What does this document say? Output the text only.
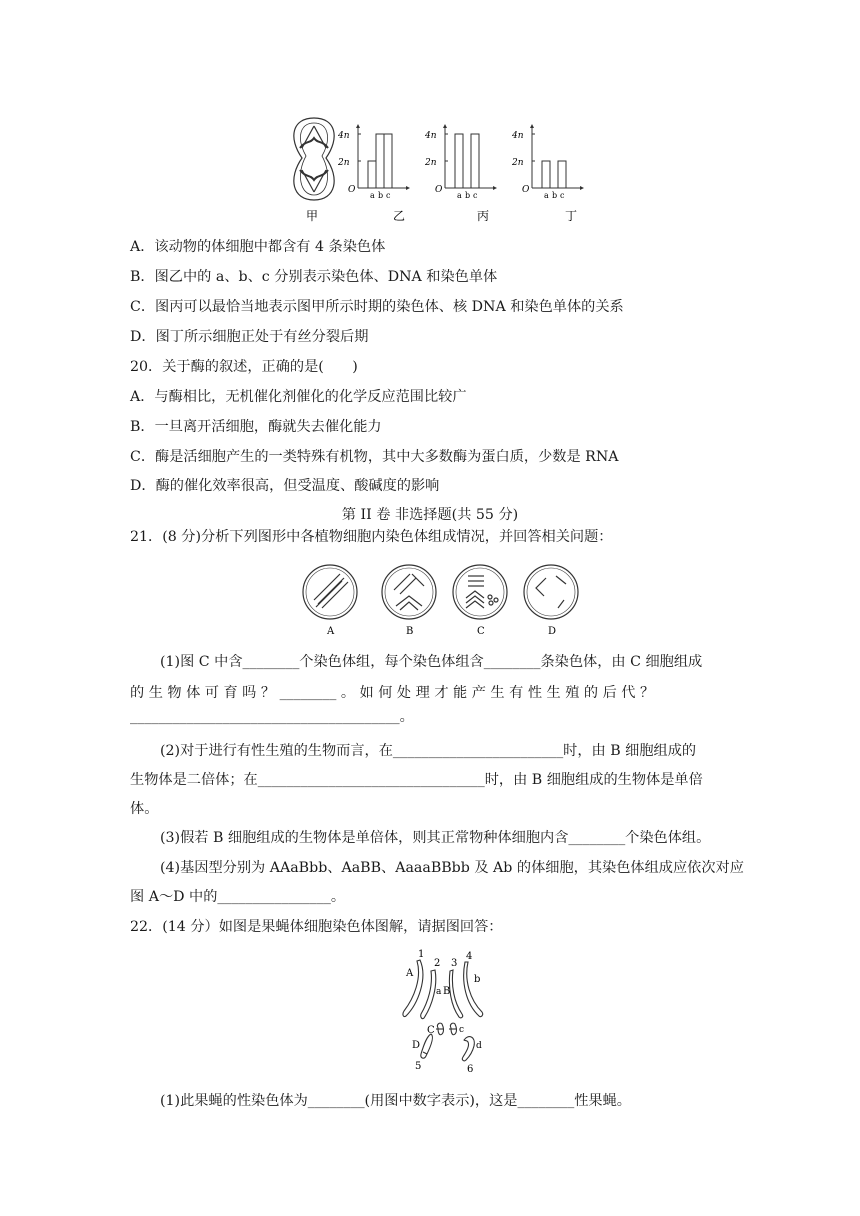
4n
2n
O
a b c
4n
2n
O
a b c
4n
2n
O
a b c
甲	乙	丙	丁
A．该动物的体细胞中都含有 4 条染色体
B．图乙中的 a、b、c 分别表示染色体、DNA 和染色单体
C．图丙可以最恰当地表示图甲所示时期的染色体、核 DNA 和染色单体的关系
D．图丁所示细胞正处于有丝分裂后期
20．关于酶的叙述，正确的是(　　)
A．与酶相比，无机催化剂催化的化学反应范围比较广
B．一旦离开活细胞，酶就失去催化能力
C．酶是活细胞产生的一类特殊有机物，其中大多数酶为蛋白质，少数是 RNA
D．酶的催化效率很高，但受温度、酸碱度的影响
第 II 卷 非选择题(共 55 分)
21．(8 分)分析下列图形中各植物细胞内染色体组成情况，并回答相关问题：
A	B	C	D
(1)图 C 中含________个染色体组，每个染色体组含________条染色体，由 C 细胞组成
的 生 物 体 可 育 吗 ？ ________ 。 如 何 处 理 才 能 产 生 有 性 生 殖 的 后 代 ？
______________________________________。
(2)对于进行有性生殖的生物而言，在________________________时，由 B 细胞组成的
生物体是二倍体；在________________________________时，由 B 细胞组成的生物体是单倍
体。
(3)假若 B 细胞组成的生物体是单倍体，则其正常物种体细胞内含________个染色体组。
(4)基因型分别为 AAaBbb、AaBB、AaaaBBbb 及 Ab 的体细胞，其染色体组成应依次对应
图 A～D 中的________________。
22．(14 分）如图是果蝇体细胞染色体图解，请据图回答：
1
2 3
4
A
a B
b
C	c
D	d
5	6
(1)此果蝇的性染色体为________(用图中数字表示)，这是________性果蝇。
